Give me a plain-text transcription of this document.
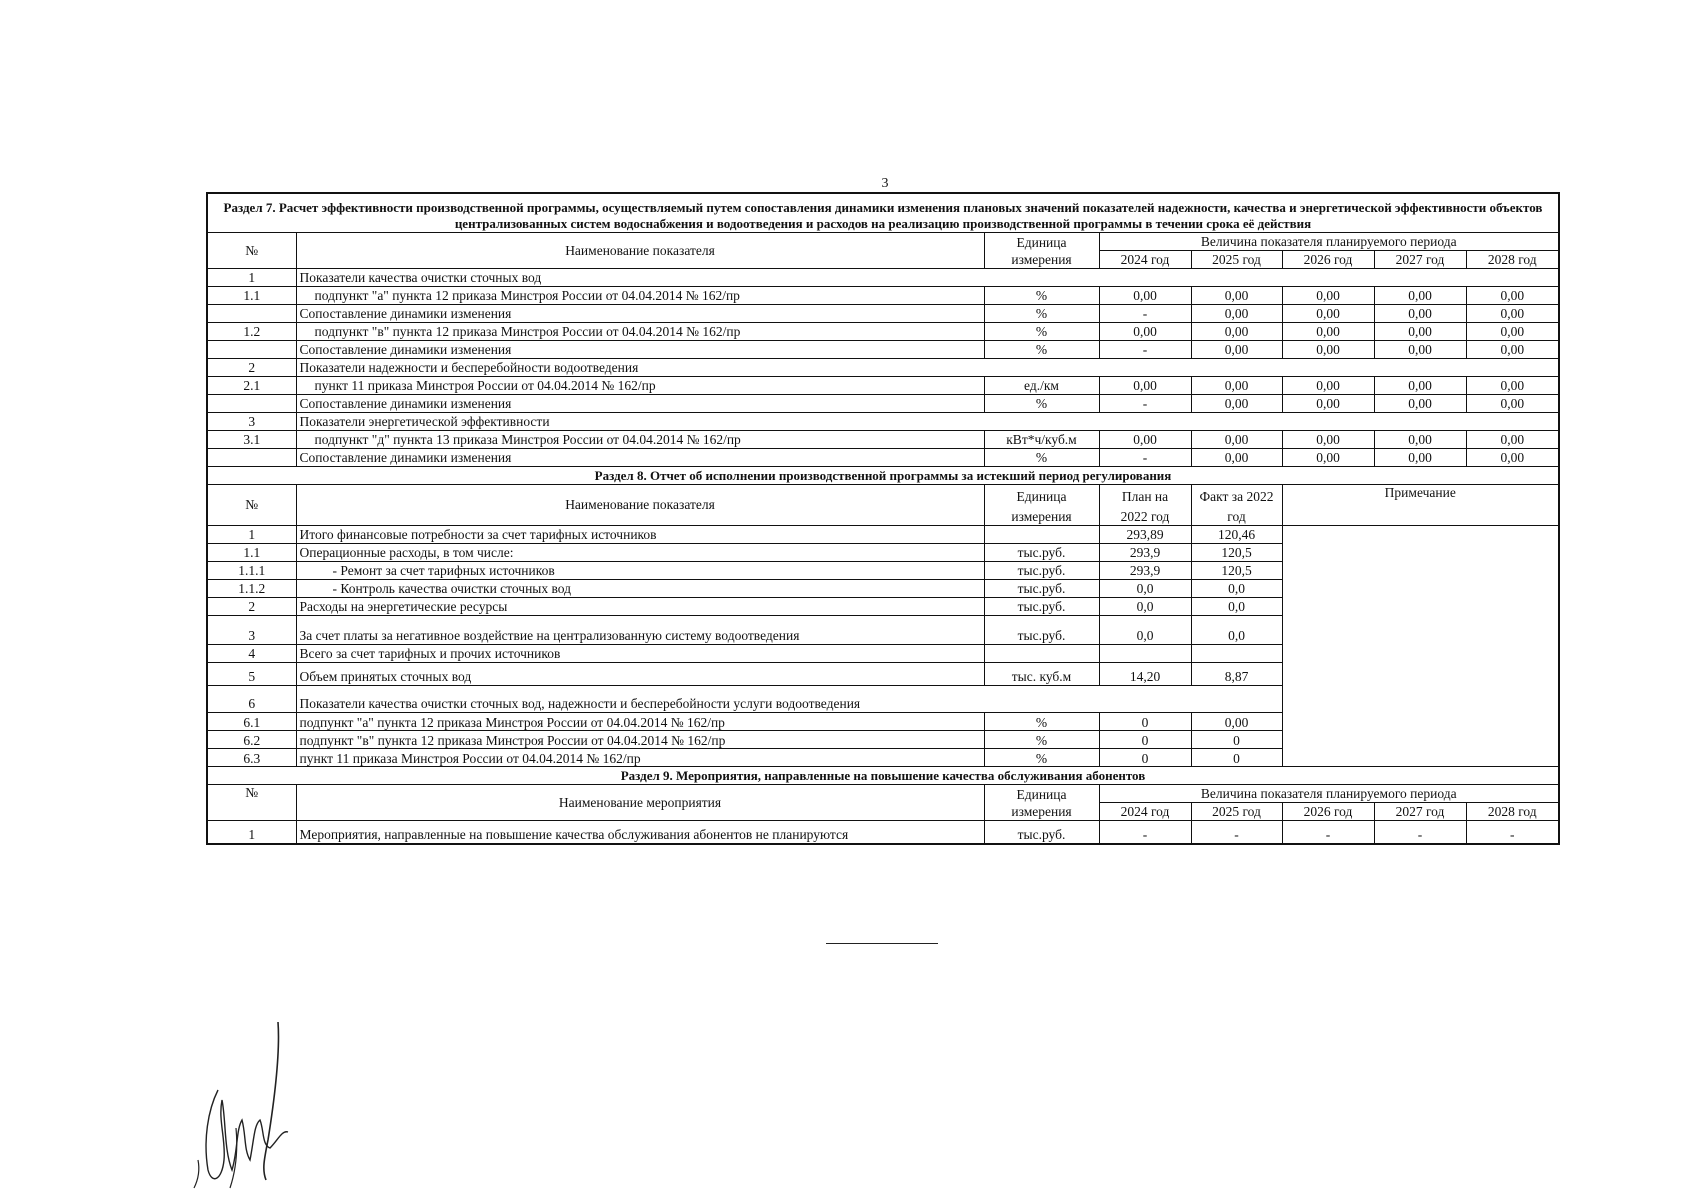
3
Раздел 7. Расчет эффективности производственной программы, осуществляемый путем сопоставления динамики изменения плановых значений показателей надежности, качества и энергетической эффективности объектов централизованных систем водоснабжения и водоотведения и расходов на реализацию производственной программы в течении срока её действия							
№	Наименование показателя	Единица	Величина показателя планируемого периода				
		измерения	2024 год	2025 год	2026 год	2027 год	2028 год
1	Показатели качества очистки сточных вод						
1.1	подпункт "а" пункта 12 приказа Минстроя России от 04.04.2014 № 162/пр	%	0,00	0,00	0,00	0,00	0,00
	Сопоставление динамики изменения	%	-	0,00	0,00	0,00	0,00
1.2	подпункт "в" пункта 12 приказа Минстроя России от 04.04.2014 № 162/пр	%	0,00	0,00	0,00	0,00	0,00
	Сопоставление динамики изменения	%	-	0,00	0,00	0,00	0,00
2	Показатели надежности и бесперебойности водоотведения						
2.1	пункт 11 приказа Минстроя России от 04.04.2014 № 162/пр	ед./км	0,00	0,00	0,00	0,00	0,00
	Сопоставление динамики изменения	%	-	0,00	0,00	0,00	0,00
3	Показатели энергетической эффективности						
3.1	подпункт "д" пункта 13 приказа Минстроя России от 04.04.2014 № 162/пр	кВт*ч/куб.м	0,00	0,00	0,00	0,00	0,00
	Сопоставление динамики изменения	%	-	0,00	0,00	0,00	0,00
Раздел 8. Отчет об исполнении производственной программы за истекший период регулирования							
№	Наименование показателя	Единица	План на	Факт за 2022	Примечание		
		измерения	2022 год	год			
1	Итого финансовые потребности за счет тарифных источников		293,89	120,46			
1.1	Операционные расходы, в том числе:	тыс.руб.	293,9	120,5			
1.1.1	- Ремонт за счет тарифных источников	тыс.руб.	293,9	120,5			
1.1.2	- Контроль качества очистки сточных вод	тыс.руб.	0,0	0,0			
2	Расходы на энергетические ресурсы	тыс.руб.	0,0	0,0			
3	За счет платы за негативное воздействие на централизованную систему водоотведения	тыс.руб.	0,0	0,0			
4	Всего за счет тарифных и прочих источников						
5	Объем принятых сточных вод	тыс. куб.м	14,20	8,87			
6	Показатели качества очистки сточных вод, надежности и бесперебойности услуги водоотведения						
6.1	подпункт "а" пункта 12 приказа Минстроя России от 04.04.2014 № 162/пр	%	0	0,00			
6.2	подпункт "в" пункта 12 приказа Минстроя России от 04.04.2014 № 162/пр	%	0	0			
6.3	пункт 11 приказа Минстроя России от 04.04.2014 № 162/пр	%	0	0			
Раздел 9. Мероприятия, направленные на повышение качества обслуживания абонентов							
№	Наименование мероприятия	Единица	Величина показателя планируемого периода				
		измерения	2024 год	2025 год	2026 год	2027 год	2028 год
1	Мероприятия, направленные на повышение качества обслуживания абонентов не планируются	тыс.руб.	-	-	-	-	-
